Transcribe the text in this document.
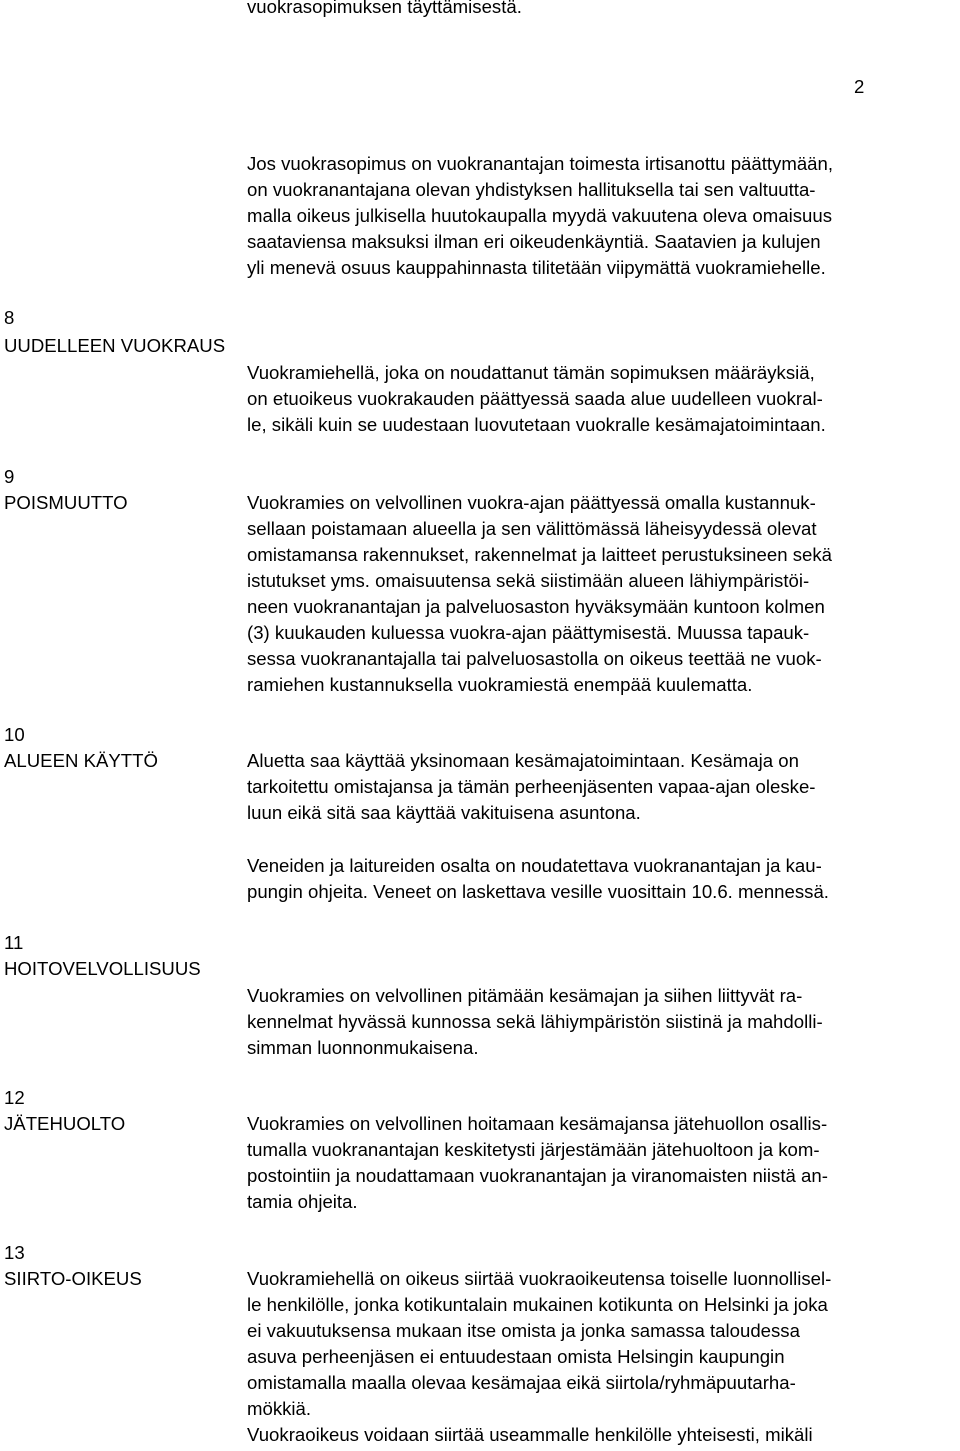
vuokrasopimuksen täyttämisestä.
2
Jos vuokrasopimus on vuokranantajan toimesta irtisanottu päättymään,
on vuokranantajana olevan yhdistyksen hallituksella tai sen valtuutta-
malla oikeus julkisella huutokaupalla myydä vakuutena oleva omaisuus
saataviensa maksuksi ilman eri oikeudenkäyntiä. Saatavien ja kulujen
yli menevä osuus kauppahinnasta tilitetään viipymättä vuokramiehelle.
8
UUDELLEEN VUOKRAUS
Vuokramiehellä, joka on noudattanut tämän sopimuksen määräyksiä,
on etuoikeus vuokrakauden päättyessä saada alue uudelleen vuokral-
le, sikäli kuin se uudestaan luovutetaan vuokralle kesämajatoimintaan.
9
POISMUUTTO	Vuokramies on velvollinen vuokra-ajan päättyessä omalla kustannuk-
sellaan poistamaan alueella ja sen välittömässä läheisyydessä olevat
omistamansa rakennukset, rakennelmat ja laitteet perustuksineen sekä
istutukset yms. omaisuutensa sekä siistimään alueen lähiympäristöi-
neen vuokranantajan ja palveluosaston hyväksymään kuntoon kolmen
(3) kuukauden kuluessa vuokra-ajan päättymisestä. Muussa tapauk-
sessa vuokranantajalla tai palveluosastolla on oikeus teettää ne vuok-
ramiehen kustannuksella vuokramiestä enempää kuulematta.
10
ALUEEN KÄYTTÖ	Aluetta saa käyttää yksinomaan kesämajatoimintaan. Kesämaja on
tarkoitettu omistajansa ja tämän perheenjäsenten vapaa-ajan oleske-
luun eikä sitä saa käyttää vakituisena asuntona.
Veneiden ja laitureiden osalta on noudatettava vuokranantajan ja kau-
pungin ohjeita. Veneet on laskettava vesille vuosittain 10.6. mennessä.
11
HOITOVELVOLLISUUS
Vuokramies on velvollinen pitämään kesämajan ja siihen liittyvät ra-
kennelmat hyvässä kunnossa sekä lähiympäristön siistinä ja mahdolli-
simman luonnonmukaisena.
12
JÄTEHUOLTO	Vuokramies on velvollinen hoitamaan kesämajansa jätehuollon osallis-
tumalla vuokranantajan keskitetysti järjestämään jätehuoltoon ja kom-
postointiin ja noudattamaan vuokranantajan ja viranomaisten niistä an-
tamia ohjeita.
13
SIIRTO-OIKEUS	Vuokramiehellä on oikeus siirtää vuokraoikeutensa toiselle luonnollisel-
le henkilölle, jonka kotikuntalain mukainen kotikunta on Helsinki ja joka
ei vakuutuksensa mukaan itse omista ja jonka samassa taloudessa
asuva perheenjäsen ei entuudestaan omista Helsingin kaupungin
omistamalla maalla olevaa kesämajaa eikä siirtola/ryhmäpuutarha-
mökkiä.
Vuokraoikeus voidaan siirtää useammalle henkilölle yhteisesti, mikäli
